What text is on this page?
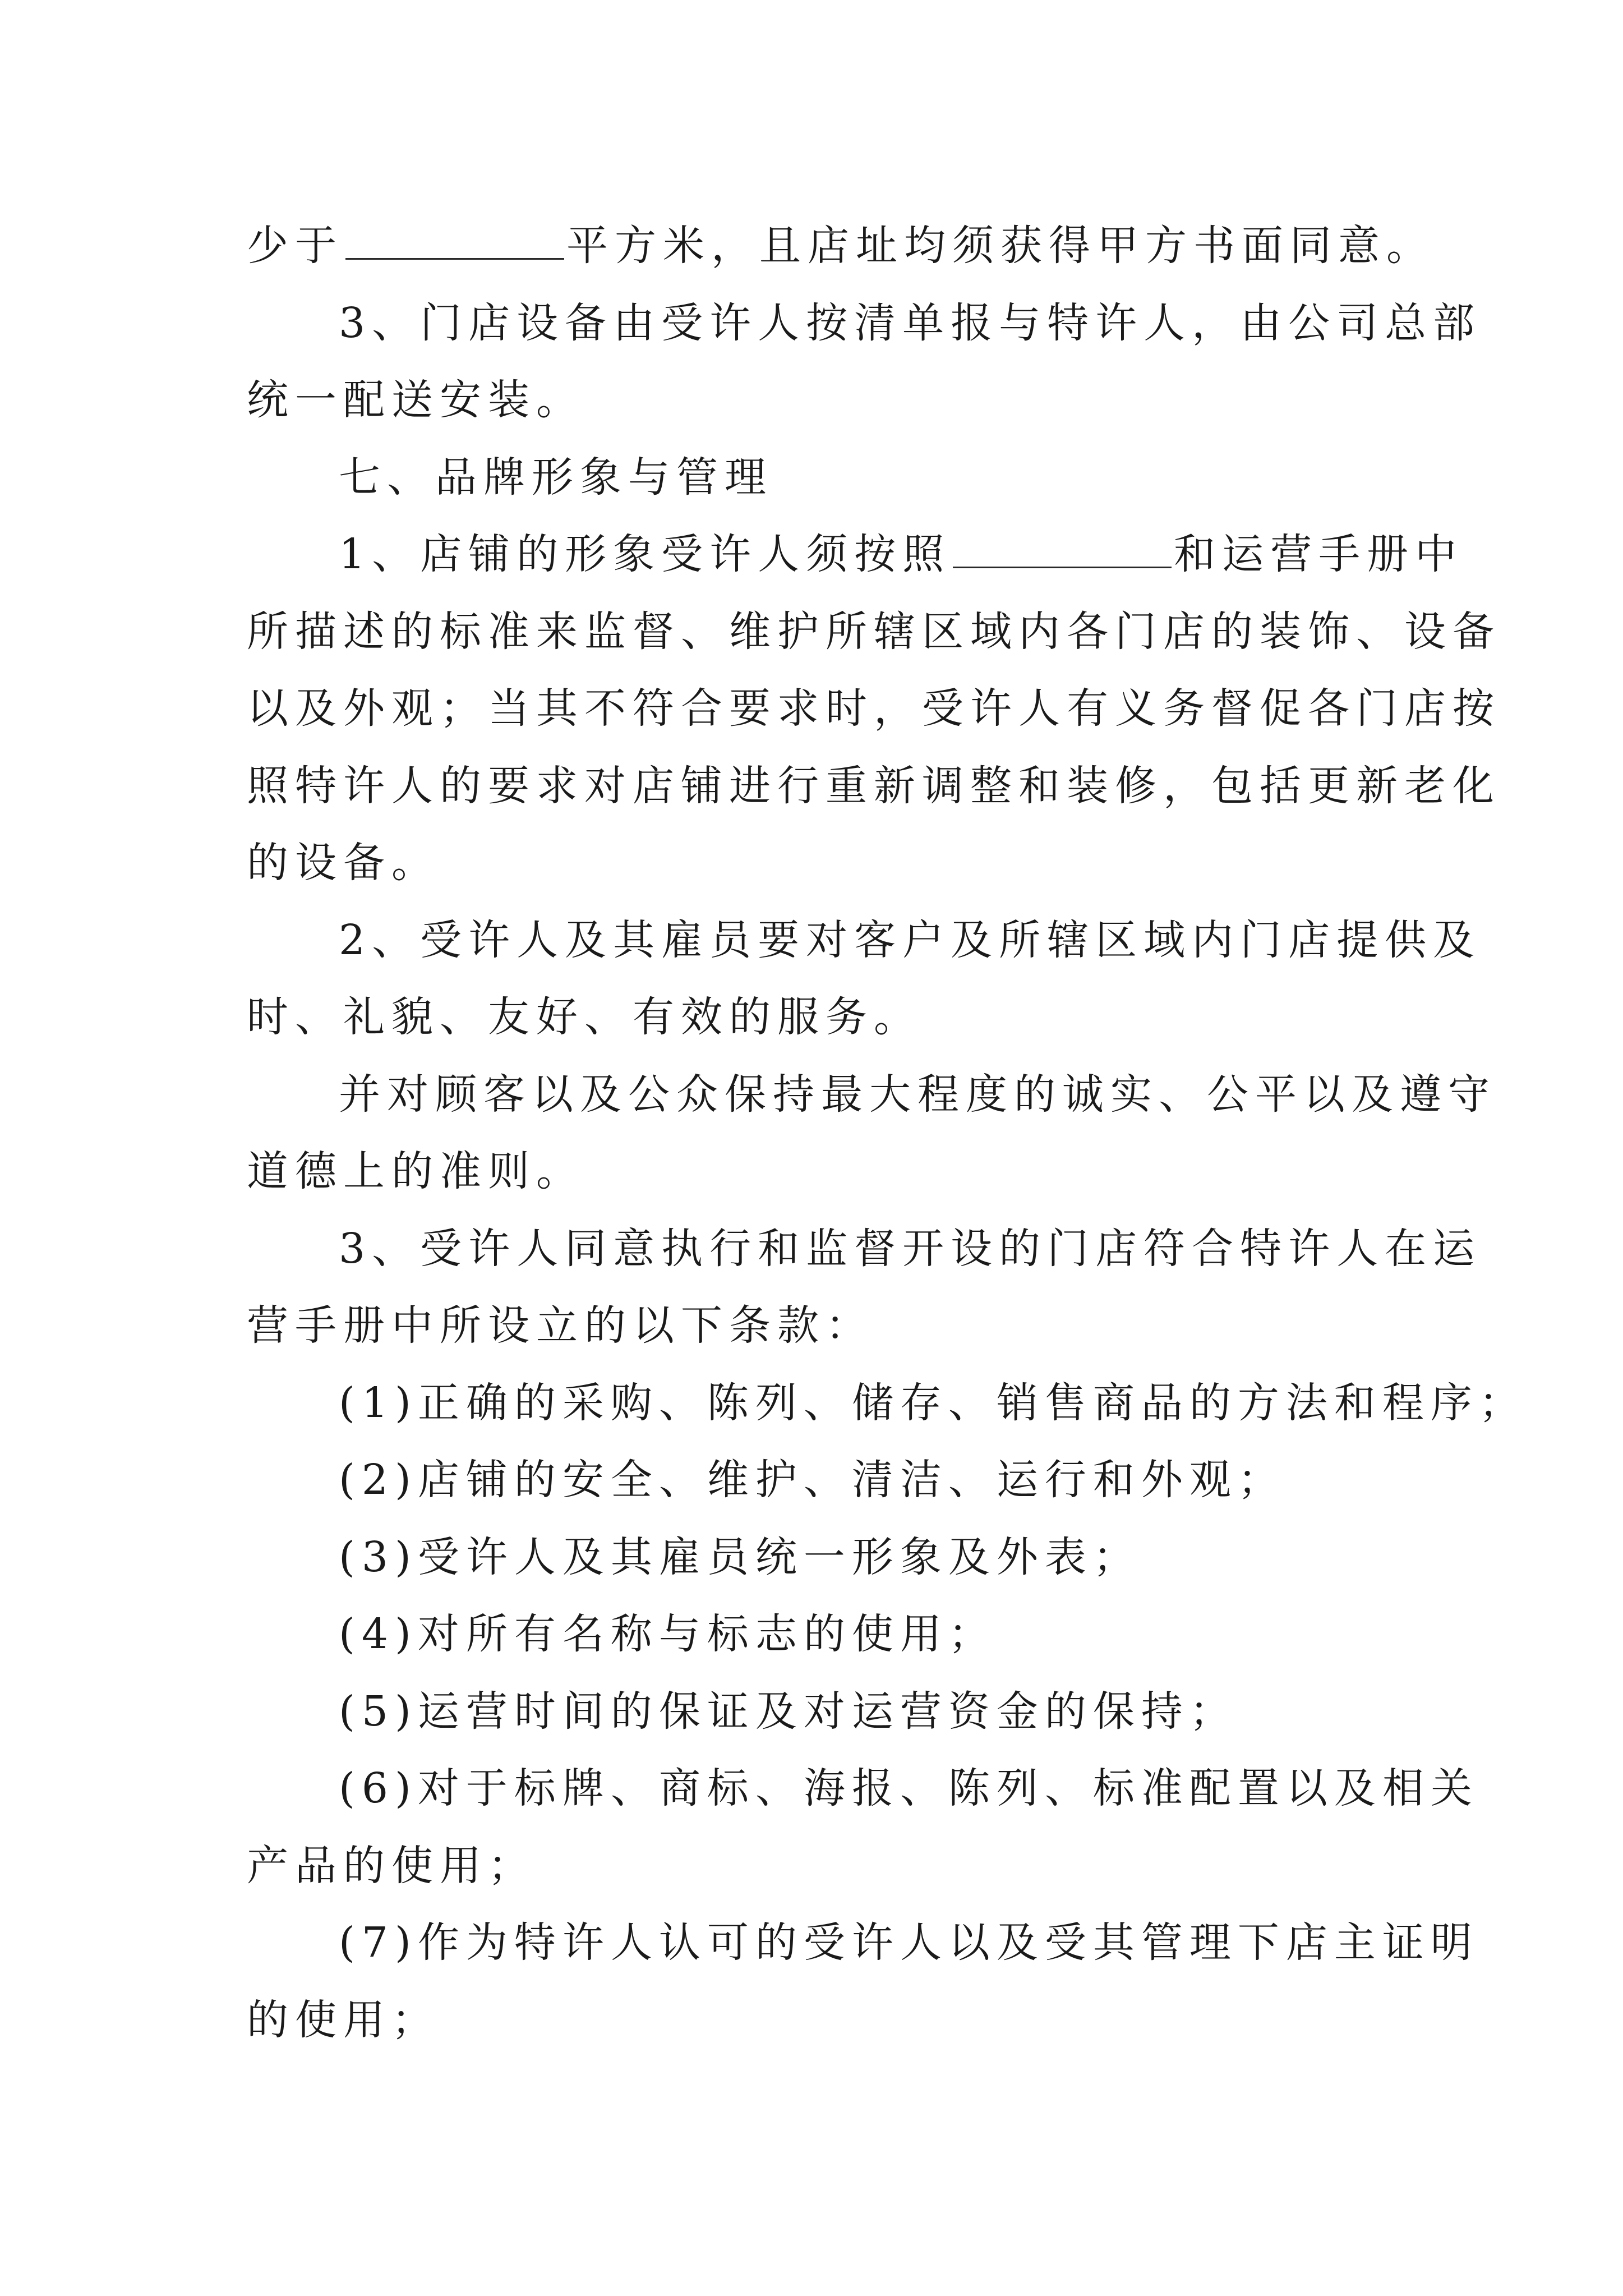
少于	平方米，且店址均须获得甲方书面同意。
3、门店设备由受许人按清单报与特许人，由公司总部
统一配送安装。
七、品牌形象与管理
1、店铺的形象受许人须按照	和运营手册中
所描述的标准来监督、维护所辖区域内各门店的装饰、设备
以及外观；当其不符合要求时，受许人有义务督促各门店按
照特许人的要求对店铺进行重新调整和装修，包括更新老化
的设备。
2、受许人及其雇员要对客户及所辖区域内门店提供及
时、礼貌、友好、有效的服务。
并对顾客以及公众保持最大程度的诚实、公平以及遵守
道德上的准则。
3、受许人同意执行和监督开设的门店符合特许人在运
营手册中所设立的以下条款：
(1)正确的采购、陈列、储存、销售商品的方法和程序；
(2)店铺的安全、维护、清洁、运行和外观；
(3)受许人及其雇员统一形象及外表；
(4)对所有名称与标志的使用；
(5)运营时间的保证及对运营资金的保持；
(6)对于标牌、商标、海报、陈列、标准配置以及相关
产品的使用；
(7)作为特许人认可的受许人以及受其管理下店主证明
的使用；
